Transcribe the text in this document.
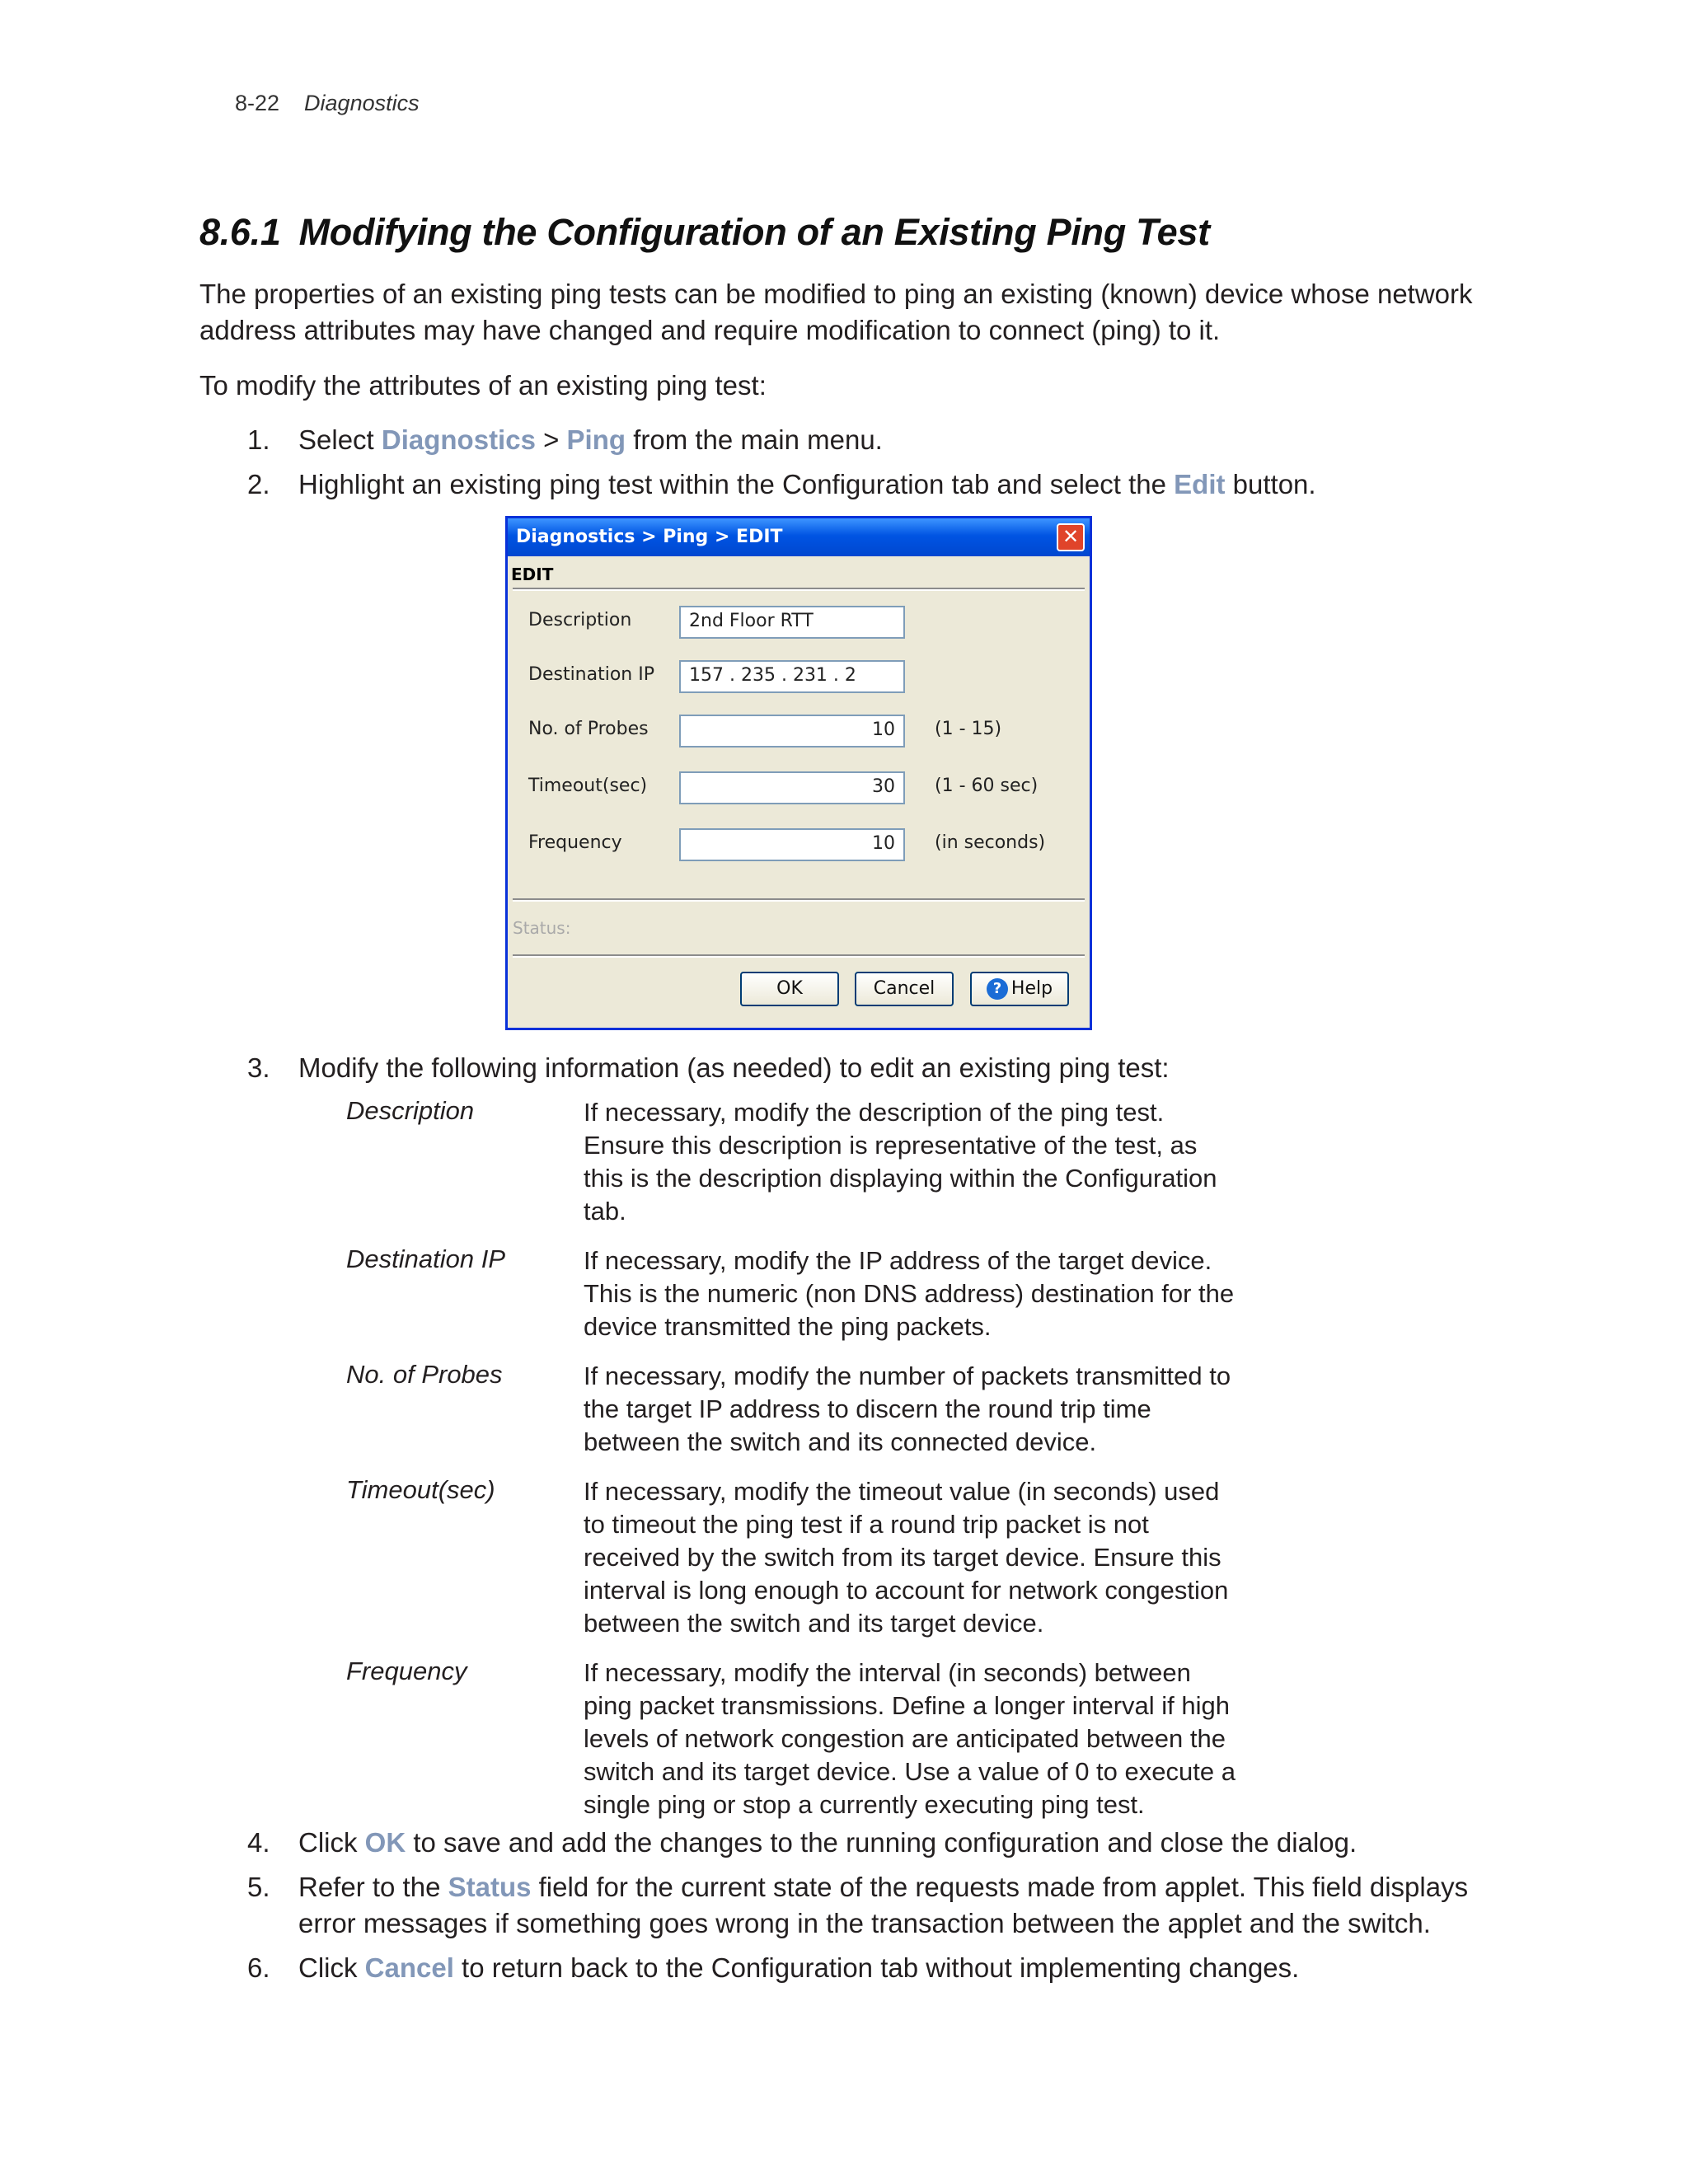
8-22 Diagnostics
8.6.1 Modifying the Configuration of an Existing Ping Test

The properties of an existing ping tests can be modified to ping an existing (known) device whose network address attributes may have changed and require modification to connect (ping) to it.

To modify the attributes of an existing ping test:

1. Select Diagnostics > Ping from the main menu.
2. Highlight an existing ping test within the Configuration tab and select the Edit button.
Diagnostics > Ping > EDIT	✕
EDIT
Description	2nd Floor RTT
Destination IP	157 . 235 . 231 . 2
No. of Probes	10	(1 - 15)
Timeout(sec)	30	(1 - 60 sec)
Frequency	10	(in seconds)
Status:
OK	Cancel	? Help
3. Modify the following information (as needed) to edit an existing ping test:
Description	If necessary, modify the description of the ping test. Ensure this description is representative of the test, as this is the description displaying within the Configuration tab.
Destination IP	If necessary, modify the IP address of the target device. This is the numeric (non DNS address) destination for the device transmitted the ping packets.
No. of Probes	If necessary, modify the number of packets transmitted to the target IP address to discern the round trip time between the switch and its connected device.
Timeout(sec)	If necessary, modify the timeout value (in seconds) used to timeout the ping test if a round trip packet is not received by the switch from its target device. Ensure this interval is long enough to account for network congestion between the switch and its target device.
Frequency	If necessary, modify the interval (in seconds) between ping packet transmissions. Define a longer interval if high levels of network congestion are anticipated between the switch and its target device. Use a value of 0 to execute a single ping or stop a currently executing ping test.
4. Click OK to save and add the changes to the running configuration and close the dialog.
5. Refer to the Status field for the current state of the requests made from applet. This field displays error messages if something goes wrong in the transaction between the applet and the switch.
6. Click Cancel to return back to the Configuration tab without implementing changes.
